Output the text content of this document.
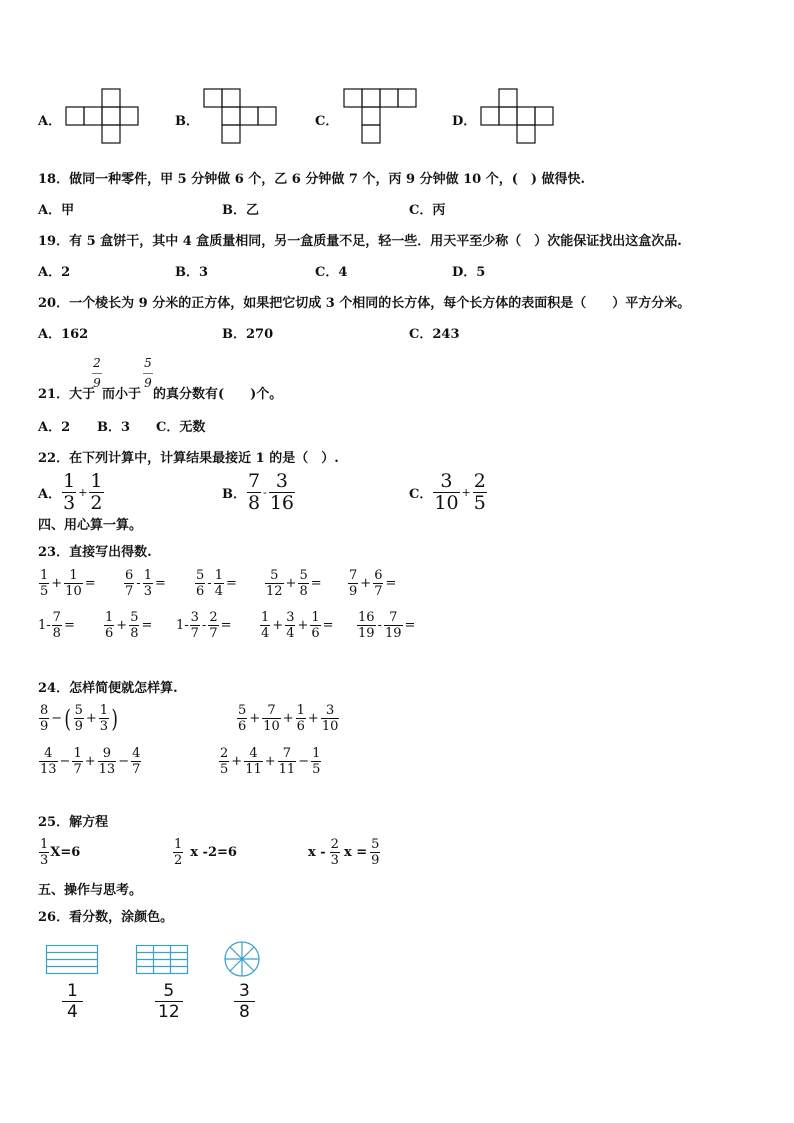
A．	B．	C．	D．
18．做同一种零件，甲 5 分钟做 6 个，乙 6 分钟做 7 个，丙 9 分钟做 10 个，(　) 做得快.
A．甲	B．乙	C．丙
19．有 5 盒饼干，其中 4 盒质量相同，另一盒质量不足，轻一些．用天平至少称（　）次能保证找出这盒次品.
A．2	B．3	C．4	D．5
20．一个棱长为 9 分米的正方体，如果把它切成 3 个相同的长方体，每个长方体的表面积是（　　）平方分米。
A．162	B．270	C．243
21．大于
$\frac{2}{9}$
而小于
$\frac{5}{9}$
的真分数有(　　)个。
A．2 B．3 C．无数
22．在下列计算中，计算结果最接近 1 的是（　）.
A． $\frac{1}{3} + \frac{1}{2}$	B． $\frac{7}{8} - \frac{3}{16}$	C． $\frac{3}{10} + \frac{2}{5}$
四、用心算一算。
23．直接写出得数.
$\frac{1}{5} + \frac{1}{10} = \frac{6}{7} - \frac{1}{3} = \frac{5}{6} - \frac{1}{4} = \frac{5}{12} + \frac{5}{8} = \frac{7}{9} + \frac{6}{7}$ =
$1- \frac{7}{8} = \frac{1}{6} + \frac{5}{8} = 1- \frac{3}{7} - \frac{2}{7} = \frac{1}{4} + \frac{3}{4} + \frac{1}{6} = \frac{16}{19} - \frac{7}{19}$ =
24．怎样简便就怎样算.
$\frac{8}{9}$ − ( $\frac{5}{9} + \frac{1}{3}$ )	$\frac{5}{6} + \frac{7}{10} + \frac{1}{6} + \frac{3}{10}$
$\frac{4}{13} - \frac{1}{7} + \frac{9}{13} - \frac{4}{7}$	$\frac{2}{5} + \frac{4}{11} + \frac{7}{11} - \frac{1}{5}$
25．解方程
$\frac{1}{3} X=6$	$\frac{1}{2}$ x -2=6	x - $\frac{2}{3}$ $x = \frac{5}{9}$
五、操作与思考。
26．看分数，涂颜色。
$\frac{1}{4}$	$\frac{5}{12}$	$\frac{3}{8}$
